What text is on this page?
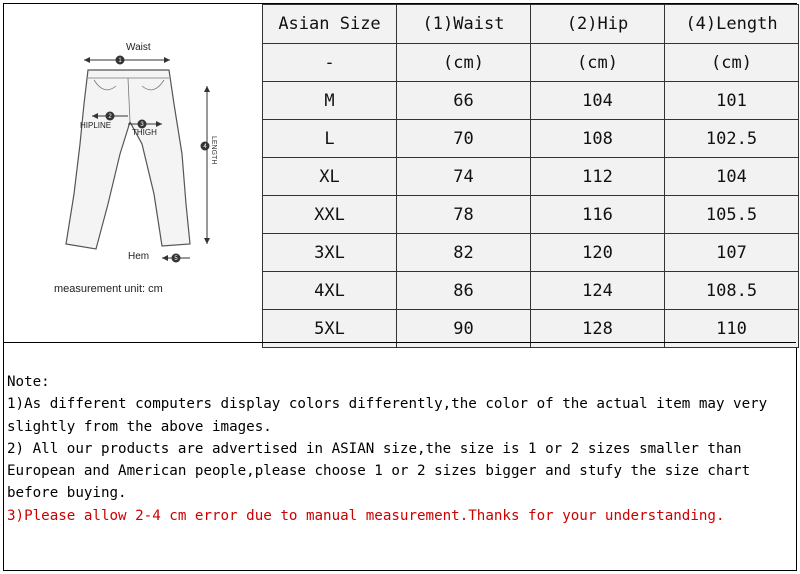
1
2
3
4
5
LENGTH
Waist
HIPLINE
THIGH
Hem
measurement unit: cm
Asian Size	(1)Waist	(2)Hip	(4)Length
-	(cm)	(cm)	(cm)
M	66	104	101
L	70	108	102.5
XL	74	112	104
XXL	78	116	105.5
3XL	82	120	107
4XL	86	124	108.5
5XL	90	128	110

Note:

1)As different computers display colors differently,the color of the actual item may very slightly from the above images.

2) All our products are advertised in ASIAN size,the size is 1 or 2 sizes smaller than European and American people,please choose 1 or 2 sizes bigger and stufy the size chart before buying.

3)Please allow 2-4 cm error due to manual measurement.Thanks for your understanding.
